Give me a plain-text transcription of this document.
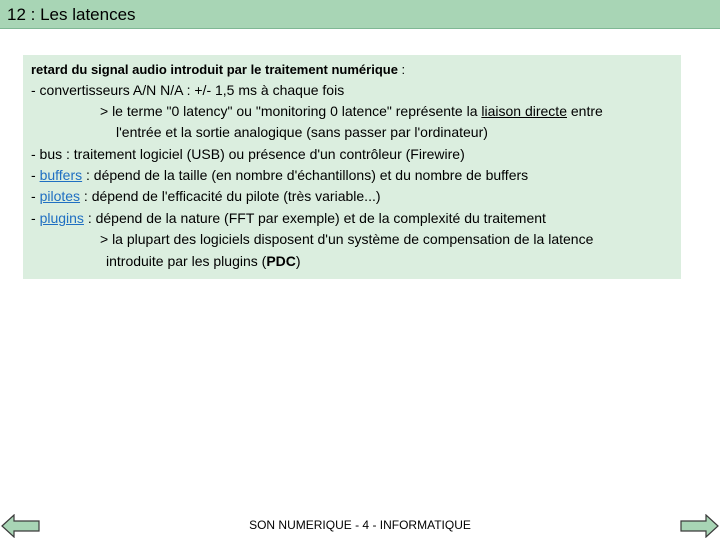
12 : Les latences
retard du signal audio introduit par le traitement numérique :
- convertisseurs A/N N/A : +/- 1,5 ms à chaque fois
> le terme "0 latency" ou "monitoring 0 latence" représente la liaison directe entre
l'entrée et la sortie analogique (sans passer par l'ordinateur)
- bus : traitement logiciel (USB) ou présence d'un contrôleur (Firewire)
- buffers : dépend de la taille (en nombre d'échantillons) et du nombre de buffers
- pilotes : dépend de l'efficacité du pilote (très variable...)
- plugins : dépend de la nature (FFT par exemple) et de la complexité du traitement
> la plupart des logiciels disposent d'un système de compensation de la latence
introduite par les plugins (PDC)
SON NUMERIQUE - 4 - INFORMATIQUE
